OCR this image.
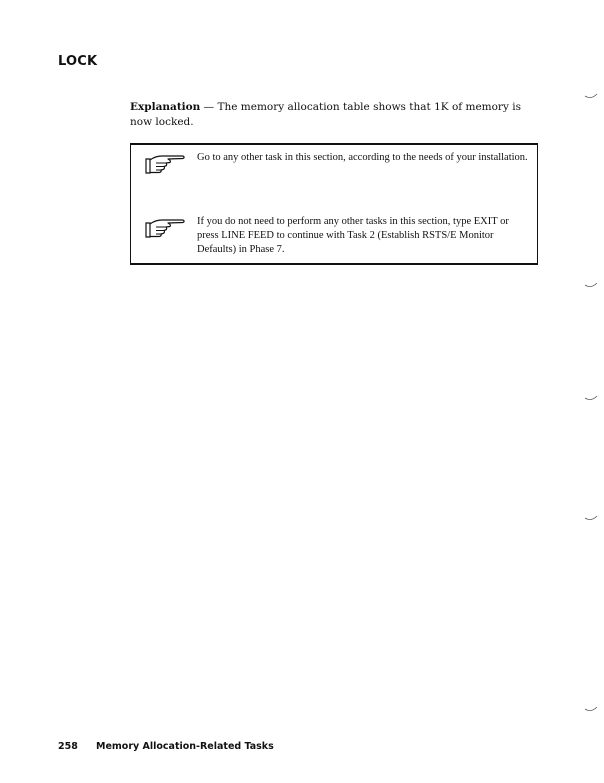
LOCK

Explanation — The memory allocation table shows that 1K of memory is now locked.

Go to any other task in this section, according to the needs of your installation.
If you do not need to perform any other tasks in this section, type EXIT or press LINE FEED to continue with Task 2 (Establish RSTS/E Monitor Defaults) in Phase 7.
258 Memory Allocation-Related Tasks
